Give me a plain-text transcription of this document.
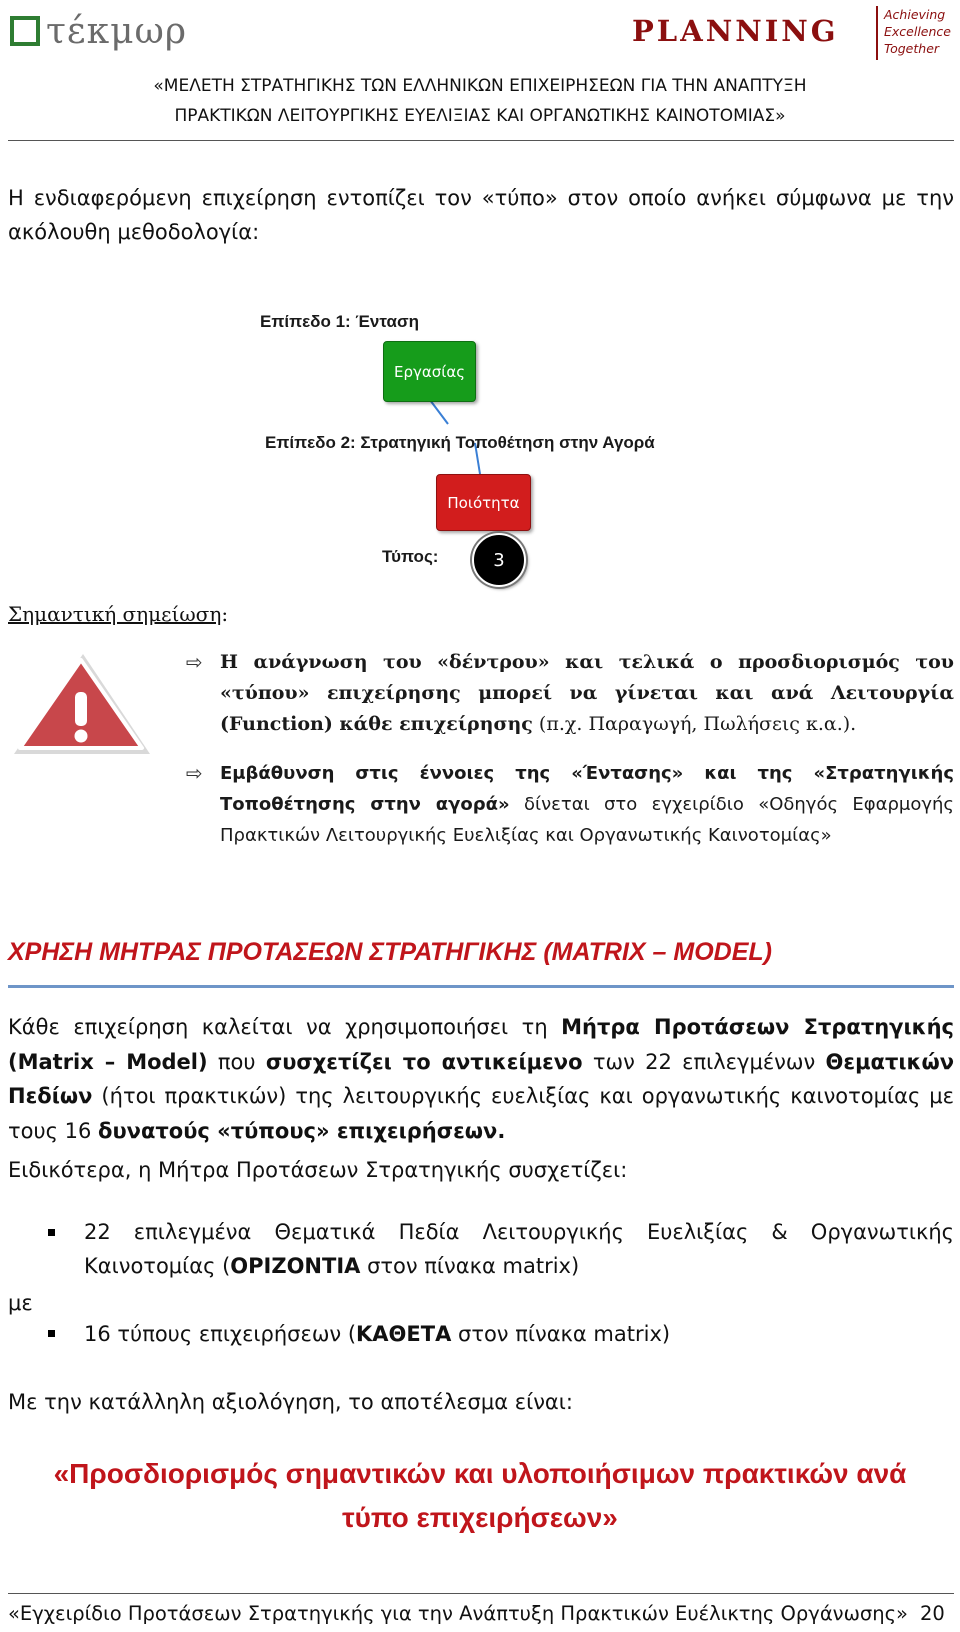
τέκμωρ	PLANNING	Achieving
Excellence
Together
«ΜΕΛΕΤΗ ΣΤΡΑΤΗΓΙΚΗΣ ΤΩΝ ΕΛΛΗΝΙΚΩΝ ΕΠΙΧΕΙΡΗΣΕΩΝ ΓΙΑ ΤΗΝ ΑΝΑΠΤΥΞΗ
ΠΡΑΚΤΙΚΩΝ ΛΕΙΤΟΥΡΓΙΚΗΣ ΕΥΕΛΙΞΙΑΣ ΚΑΙ ΟΡΓΑΝΩΤΙΚΗΣ ΚΑΙΝΟΤΟΜΙΑΣ»
Η ενδιαφερόμενη επιχείρηση εντοπίζει τον «τύπο» στον οποίο ανήκει σύμφωνα με την
ακόλουθη μεθοδολογία:
Επίπεδο 1: Ένταση
Εργασίας
Επίπεδο 2: Στρατηγική Τοποθέτηση στην Αγορά
Ποιότητα
Τύπος:	3
Σημαντική σημείωση:
⇨ Η ανάγνωση του «δέντρου» και τελικά ο προσδιορισμός του «τύπου» επιχείρησης μπορεί να γίνεται και ανά Λειτουργία (Function) κάθε επιχείρησης (π.χ. Παραγωγή, Πωλήσεις κ.α.).
⇨ Εμβάθυνση στις έννοιες της «Έντασης» και της «Στρατηγικής Τοποθέτησης στην αγορά» δίνεται στο εγχειρίδιο «Οδηγός Εφαρμογής Πρακτικών Λειτουργικής Ευελιξίας και Οργανωτικής Καινοτομίας»
ΧΡΗΣΗ ΜΗΤΡΑΣ ΠΡΟΤΑΣΕΩΝ ΣΤΡΑΤΗΓΙΚΗΣ (MATRIX – MODEL)
Κάθε επιχείρηση καλείται να χρησιμοποιήσει τη Μήτρα Προτάσεων Στρατηγικής (Matrix – Model) που συσχετίζει το αντικείμενο των 22 επιλεγμένων Θεματικών Πεδίων (ήτοι πρακτικών) της λειτουργικής ευελιξίας και οργανωτικής καινοτομίας με τους 16 δυνατούς «τύπους» επιχειρήσεων.
Ειδικότερα, η Μήτρα Προτάσεων Στρατηγικής συσχετίζει:
22 επιλεγμένα Θεματικά Πεδία Λειτουργικής Ευελιξίας & Οργανωτικής Καινοτομίας (ΟΡΙΖΟΝΤΙΑ στον πίνακα matrix)
με
16 τύπους επιχειρήσεων (ΚΑΘΕΤΑ στον πίνακα matrix)
Με την κατάλληλη αξιολόγηση, το αποτέλεσμα είναι:
«Προσδιορισμός σημαντικών και υλοποιήσιμων πρακτικών ανά
τύπο επιχειρήσεων»
«Εγχειρίδιο Προτάσεων Στρατηγικής για την Ανάπτυξη Πρακτικών Ευέλικτης Οργάνωσης» 20
